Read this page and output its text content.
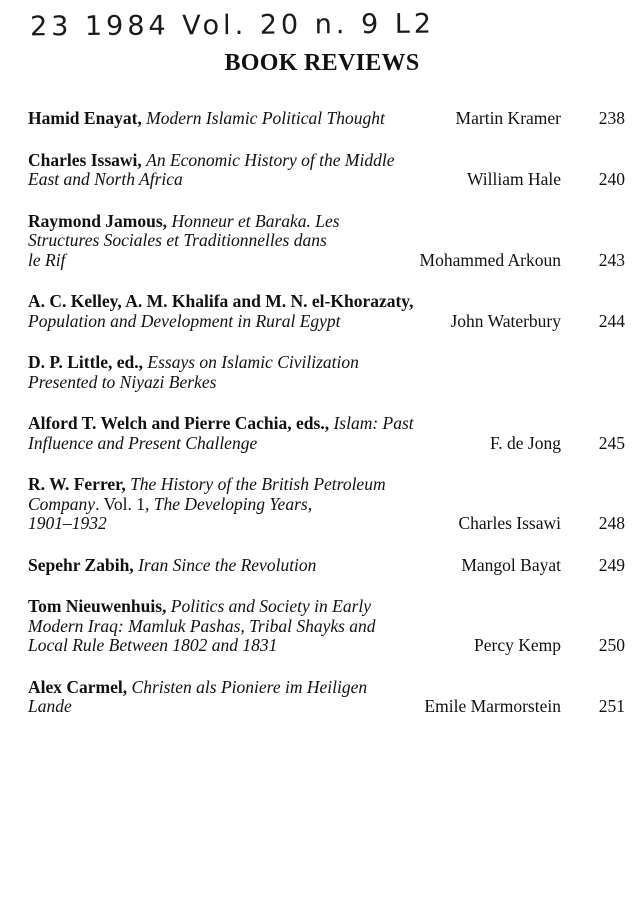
23 1984 Vol. 20 n. 9 L2
BOOK REVIEWS
Hamid Enayat, Modern Islamic Political Thought	Martin Kramer 238
Charles Issawi, An Economic History of the Middle
East and North Africa	William Hale 240
Raymond Jamous, Honneur et Baraka. Les
Structures Sociales et Traditionnelles dans
le Rif	Mohammed Arkoun 243
A. C. Kelley, A. M. Khalifa and M. N. el-Khorazaty,
Population and Development in Rural Egypt	John Waterbury 244
D. P. Little, ed., Essays on Islamic Civilization
Presented to Niyazi Berkes
Alford T. Welch and Pierre Cachia, eds., Islam: Past
Influence and Present Challenge	F. de Jong 245
R. W. Ferrer, The History of the British Petroleum
Company. Vol. 1, The Developing Years,
1901–1932	Charles Issawi 248
Sepehr Zabih, Iran Since the Revolution	Mangol Bayat 249
Tom Nieuwenhuis, Politics and Society in Early
Modern Iraq: Mamluk Pashas, Tribal Shayks and
Local Rule Between 1802 and 1831	Percy Kemp 250
Alex Carmel, Christen als Pioniere im Heiligen
Lande	Emile Marmorstein 251
